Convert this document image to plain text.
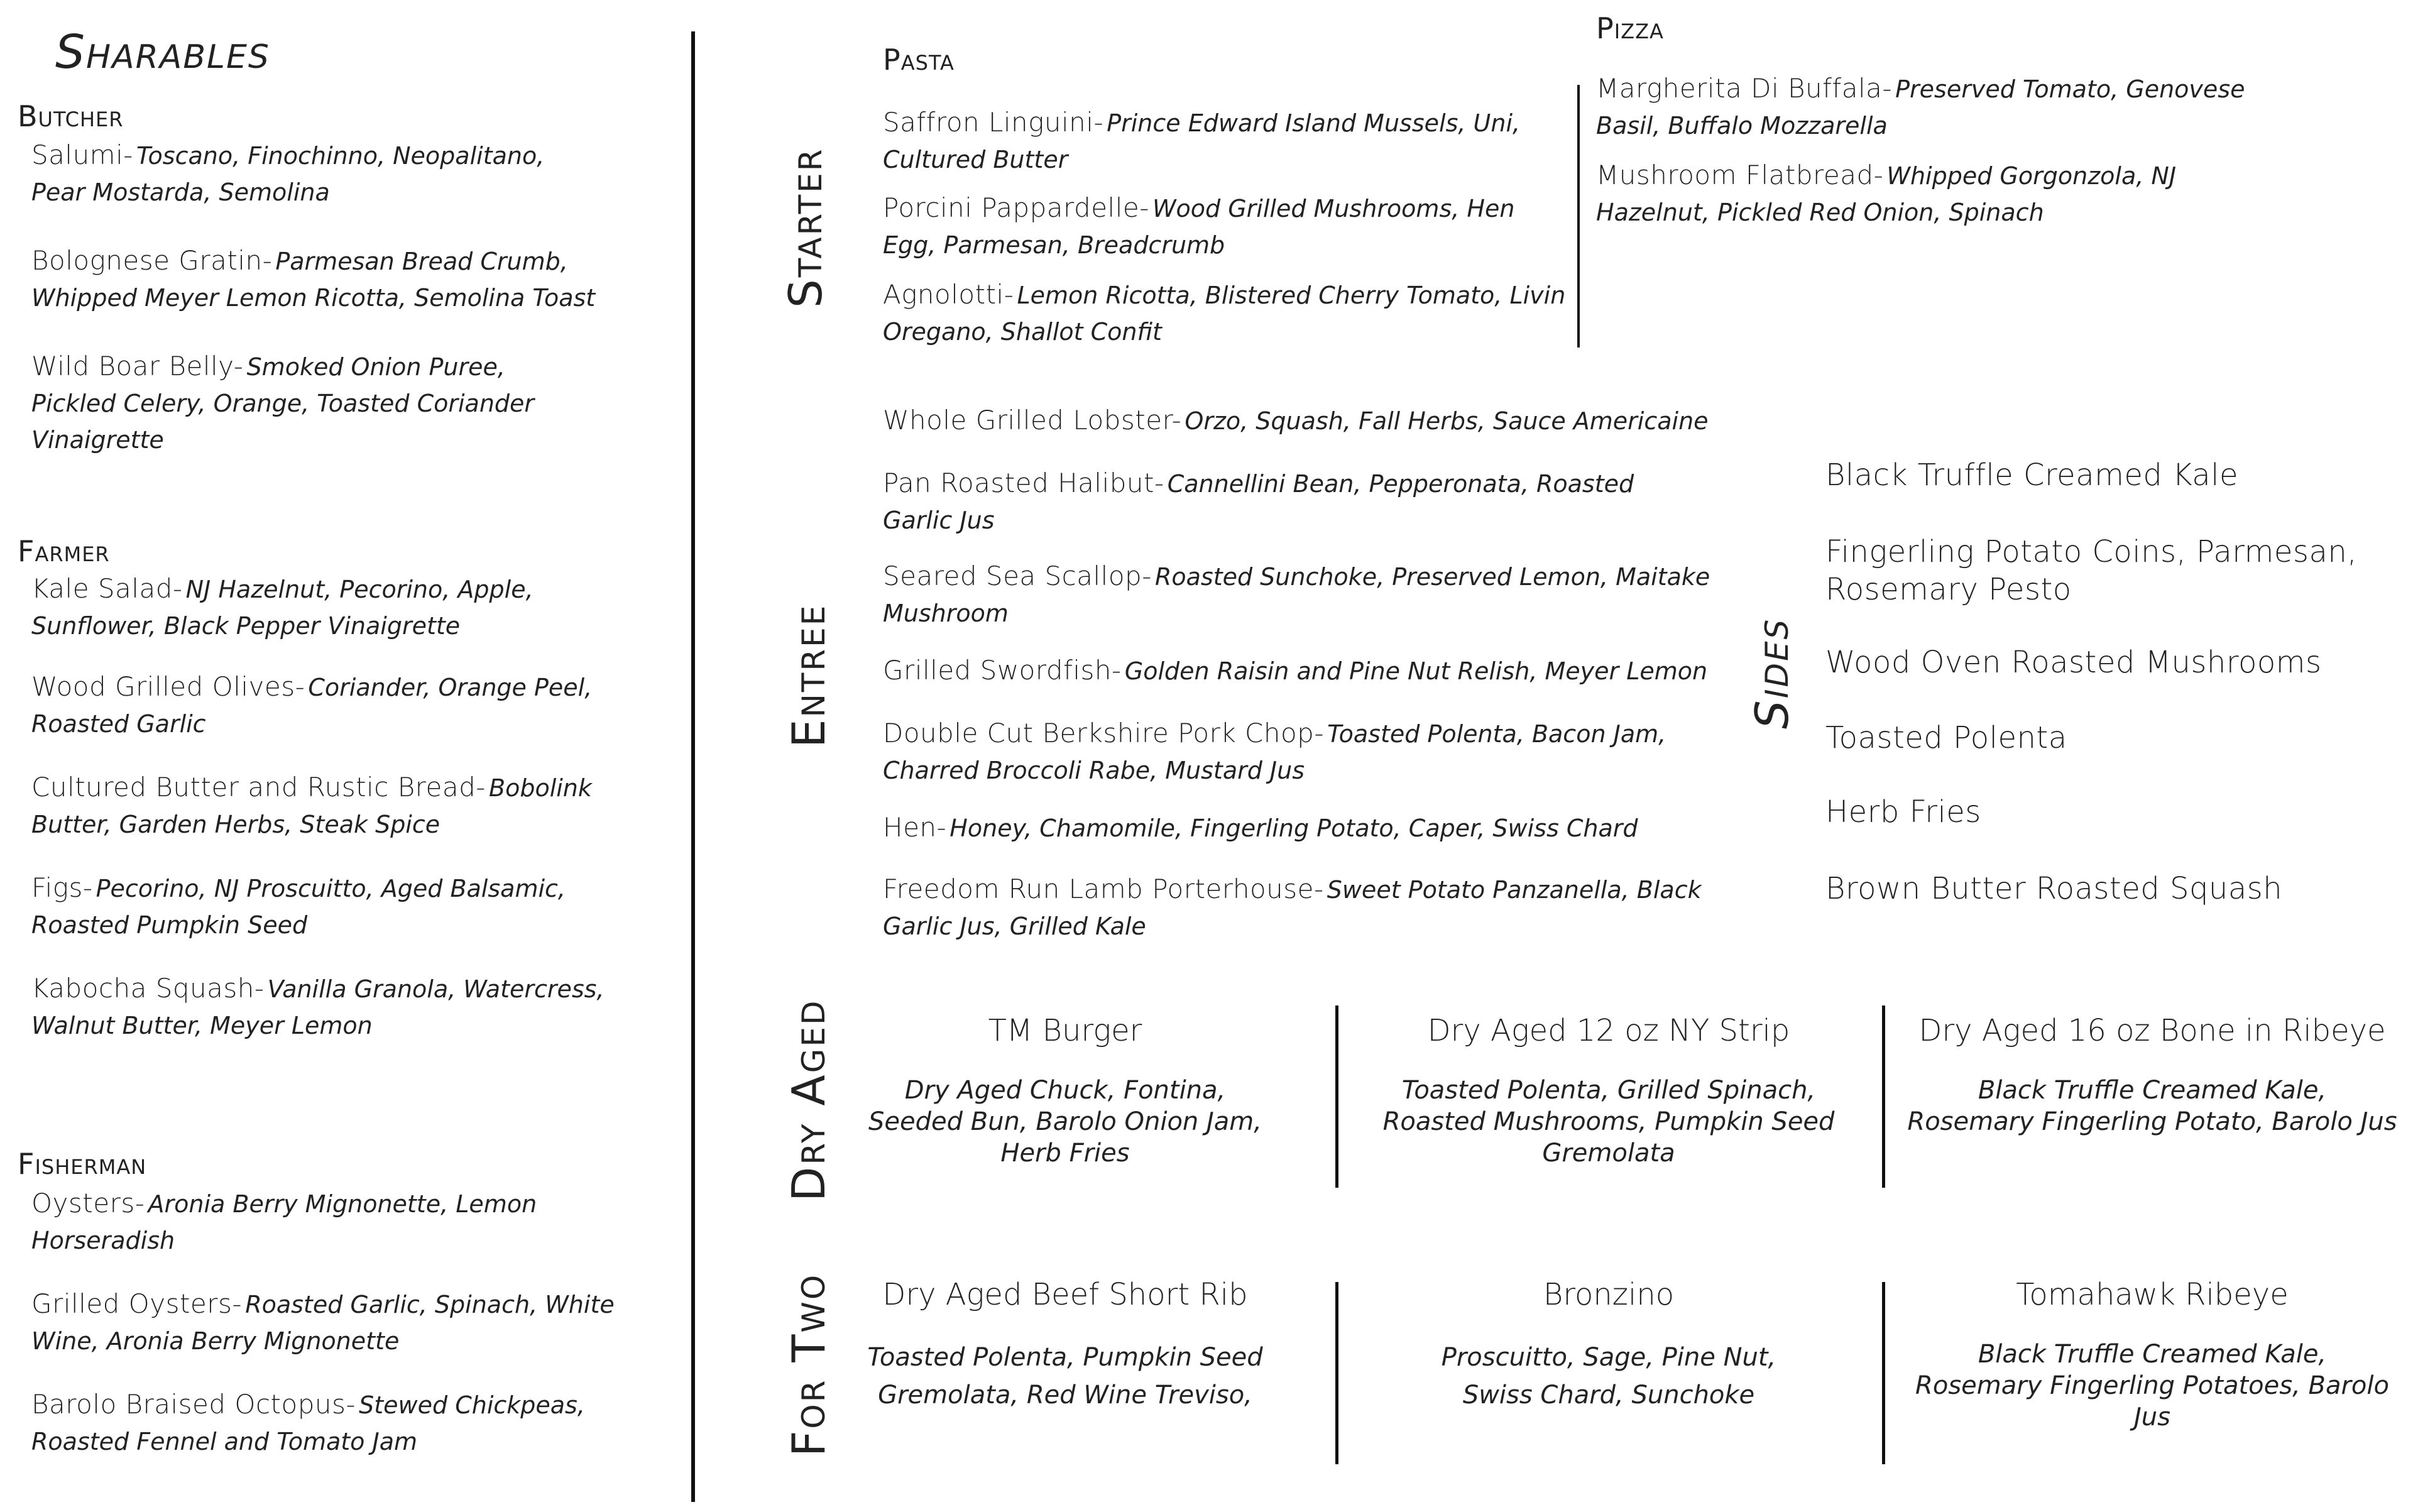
Sharables
Butcher
Salumi- Toscano, Finochinno, Neopalitano,
Pear Mostarda, Semolina
Bolognese Gratin- Parmesan Bread Crumb,
Whipped Meyer Lemon Ricotta, Semolina Toast
Wild Boar Belly- Smoked Onion Puree,
Pickled Celery, Orange, Toasted Coriander
Vinaigrette
Farmer
Kale Salad- NJ Hazelnut, Pecorino, Apple,
Sunflower, Black Pepper Vinaigrette
Wood Grilled Olives- Coriander, Orange Peel,
Roasted Garlic
Cultured Butter and Rustic Bread- Bobolink
Butter, Garden Herbs, Steak Spice
Figs- Pecorino, NJ Proscuitto, Aged Balsamic,
Roasted Pumpkin Seed
Kabocha Squash- Vanilla Granola, Watercress,
Walnut Butter, Meyer Lemon
Fisherman
Oysters- Aronia Berry Mignonette, Lemon
Horseradish
Grilled Oysters- Roasted Garlic, Spinach, White
Wine, Aronia Berry Mignonette
Barolo Braised Octopus- Stewed Chickpeas,
Roasted Fennel and Tomato Jam
Starter
Pasta
Saffron Linguini- Prince Edward Island Mussels, Uni,
Cultured Butter
Porcini Pappardelle- Wood Grilled Mushrooms, Hen
Egg, Parmesan, Breadcrumb
Agnolotti- Lemon Ricotta, Blistered Cherry Tomato, Livin
Oregano, Shallot Confit
Pizza
Margherita Di Buffala- Preserved Tomato, Genovese
Basil, Buffalo Mozzarella
Mushroom Flatbread- Whipped Gorgonzola, NJ
Hazelnut, Pickled Red Onion, Spinach
Entree
Whole Grilled Lobster- Orzo, Squash, Fall Herbs, Sauce Americaine
Pan Roasted Halibut- Cannellini Bean, Pepperonata, Roasted
Garlic Jus
Seared Sea Scallop- Roasted Sunchoke, Preserved Lemon, Maitake
Mushroom
Grilled Swordfish- Golden Raisin and Pine Nut Relish, Meyer Lemon
Double Cut Berkshire Pork Chop- Toasted Polenta, Bacon Jam,
Charred Broccoli Rabe, Mustard Jus
Hen- Honey, Chamomile, Fingerling Potato, Caper, Swiss Chard
Freedom Run Lamb Porterhouse- Sweet Potato Panzanella, Black
Garlic Jus, Grilled Kale
Sides
Black Truffle Creamed Kale
Fingerling Potato Coins, Parmesan,
Rosemary Pesto
Wood Oven Roasted Mushrooms
Toasted Polenta
Herb Fries
Brown Butter Roasted Squash
Dry Aged	TM Burger
Dry Aged Chuck, Fontina,
Seeded Bun, Barolo Onion Jam,
Herb Fries
Dry Aged 12 oz NY Strip
Toasted Polenta, Grilled Spinach,
Roasted Mushrooms, Pumpkin Seed
Gremolata
Dry Aged 16 oz Bone in Ribeye
Black Truffle Creamed Kale,
Rosemary Fingerling Potato, Barolo Jus
For Two	Dry Aged Beef Short Rib
Toasted Polenta, Pumpkin Seed
Gremolata, Red Wine Treviso,
Bronzino
Proscuitto, Sage, Pine Nut,
Swiss Chard, Sunchoke
Tomahawk Ribeye
Black Truffle Creamed Kale,
Rosemary Fingerling Potatoes, Barolo Jus
